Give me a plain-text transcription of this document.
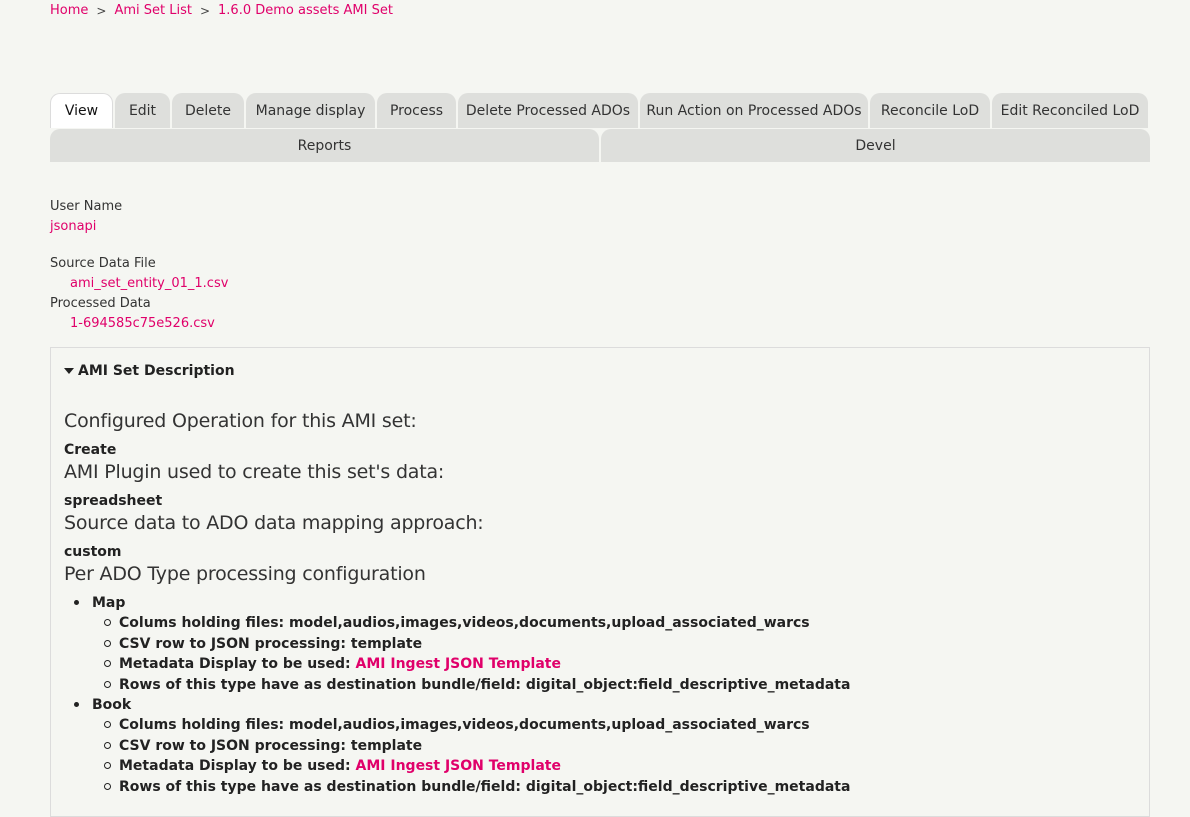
Home > Ami Set List > 1.6.0 Demo assets AMI Set
View	Edit	Delete	Manage display	Process	Delete Processed ADOs	Run Action on Processed ADOs	Reconcile LoD	Edit Reconciled LoD
Reports	Devel
User Name
jsonapi
Source Data File
ami_set_entity_01_1.csv
Processed Data
1-694585c75e526.csv
AMI Set Description
Configured Operation for this AMI set:
Create
AMI Plugin used to create this set's data:
spreadsheet
Source data to ADO data mapping approach:
custom
Per ADO Type processing configuration
Map
Colums holding files: model,audios,images,videos,documents,upload_associated_warcs
CSV row to JSON processing: template
Metadata Display to be used: AMI Ingest JSON Template
Rows of this type have as destination bundle/field: digital_object:field_descriptive_metadata
Book
Colums holding files: model,audios,images,videos,documents,upload_associated_warcs
CSV row to JSON processing: template
Metadata Display to be used: AMI Ingest JSON Template
Rows of this type have as destination bundle/field: digital_object:field_descriptive_metadata
